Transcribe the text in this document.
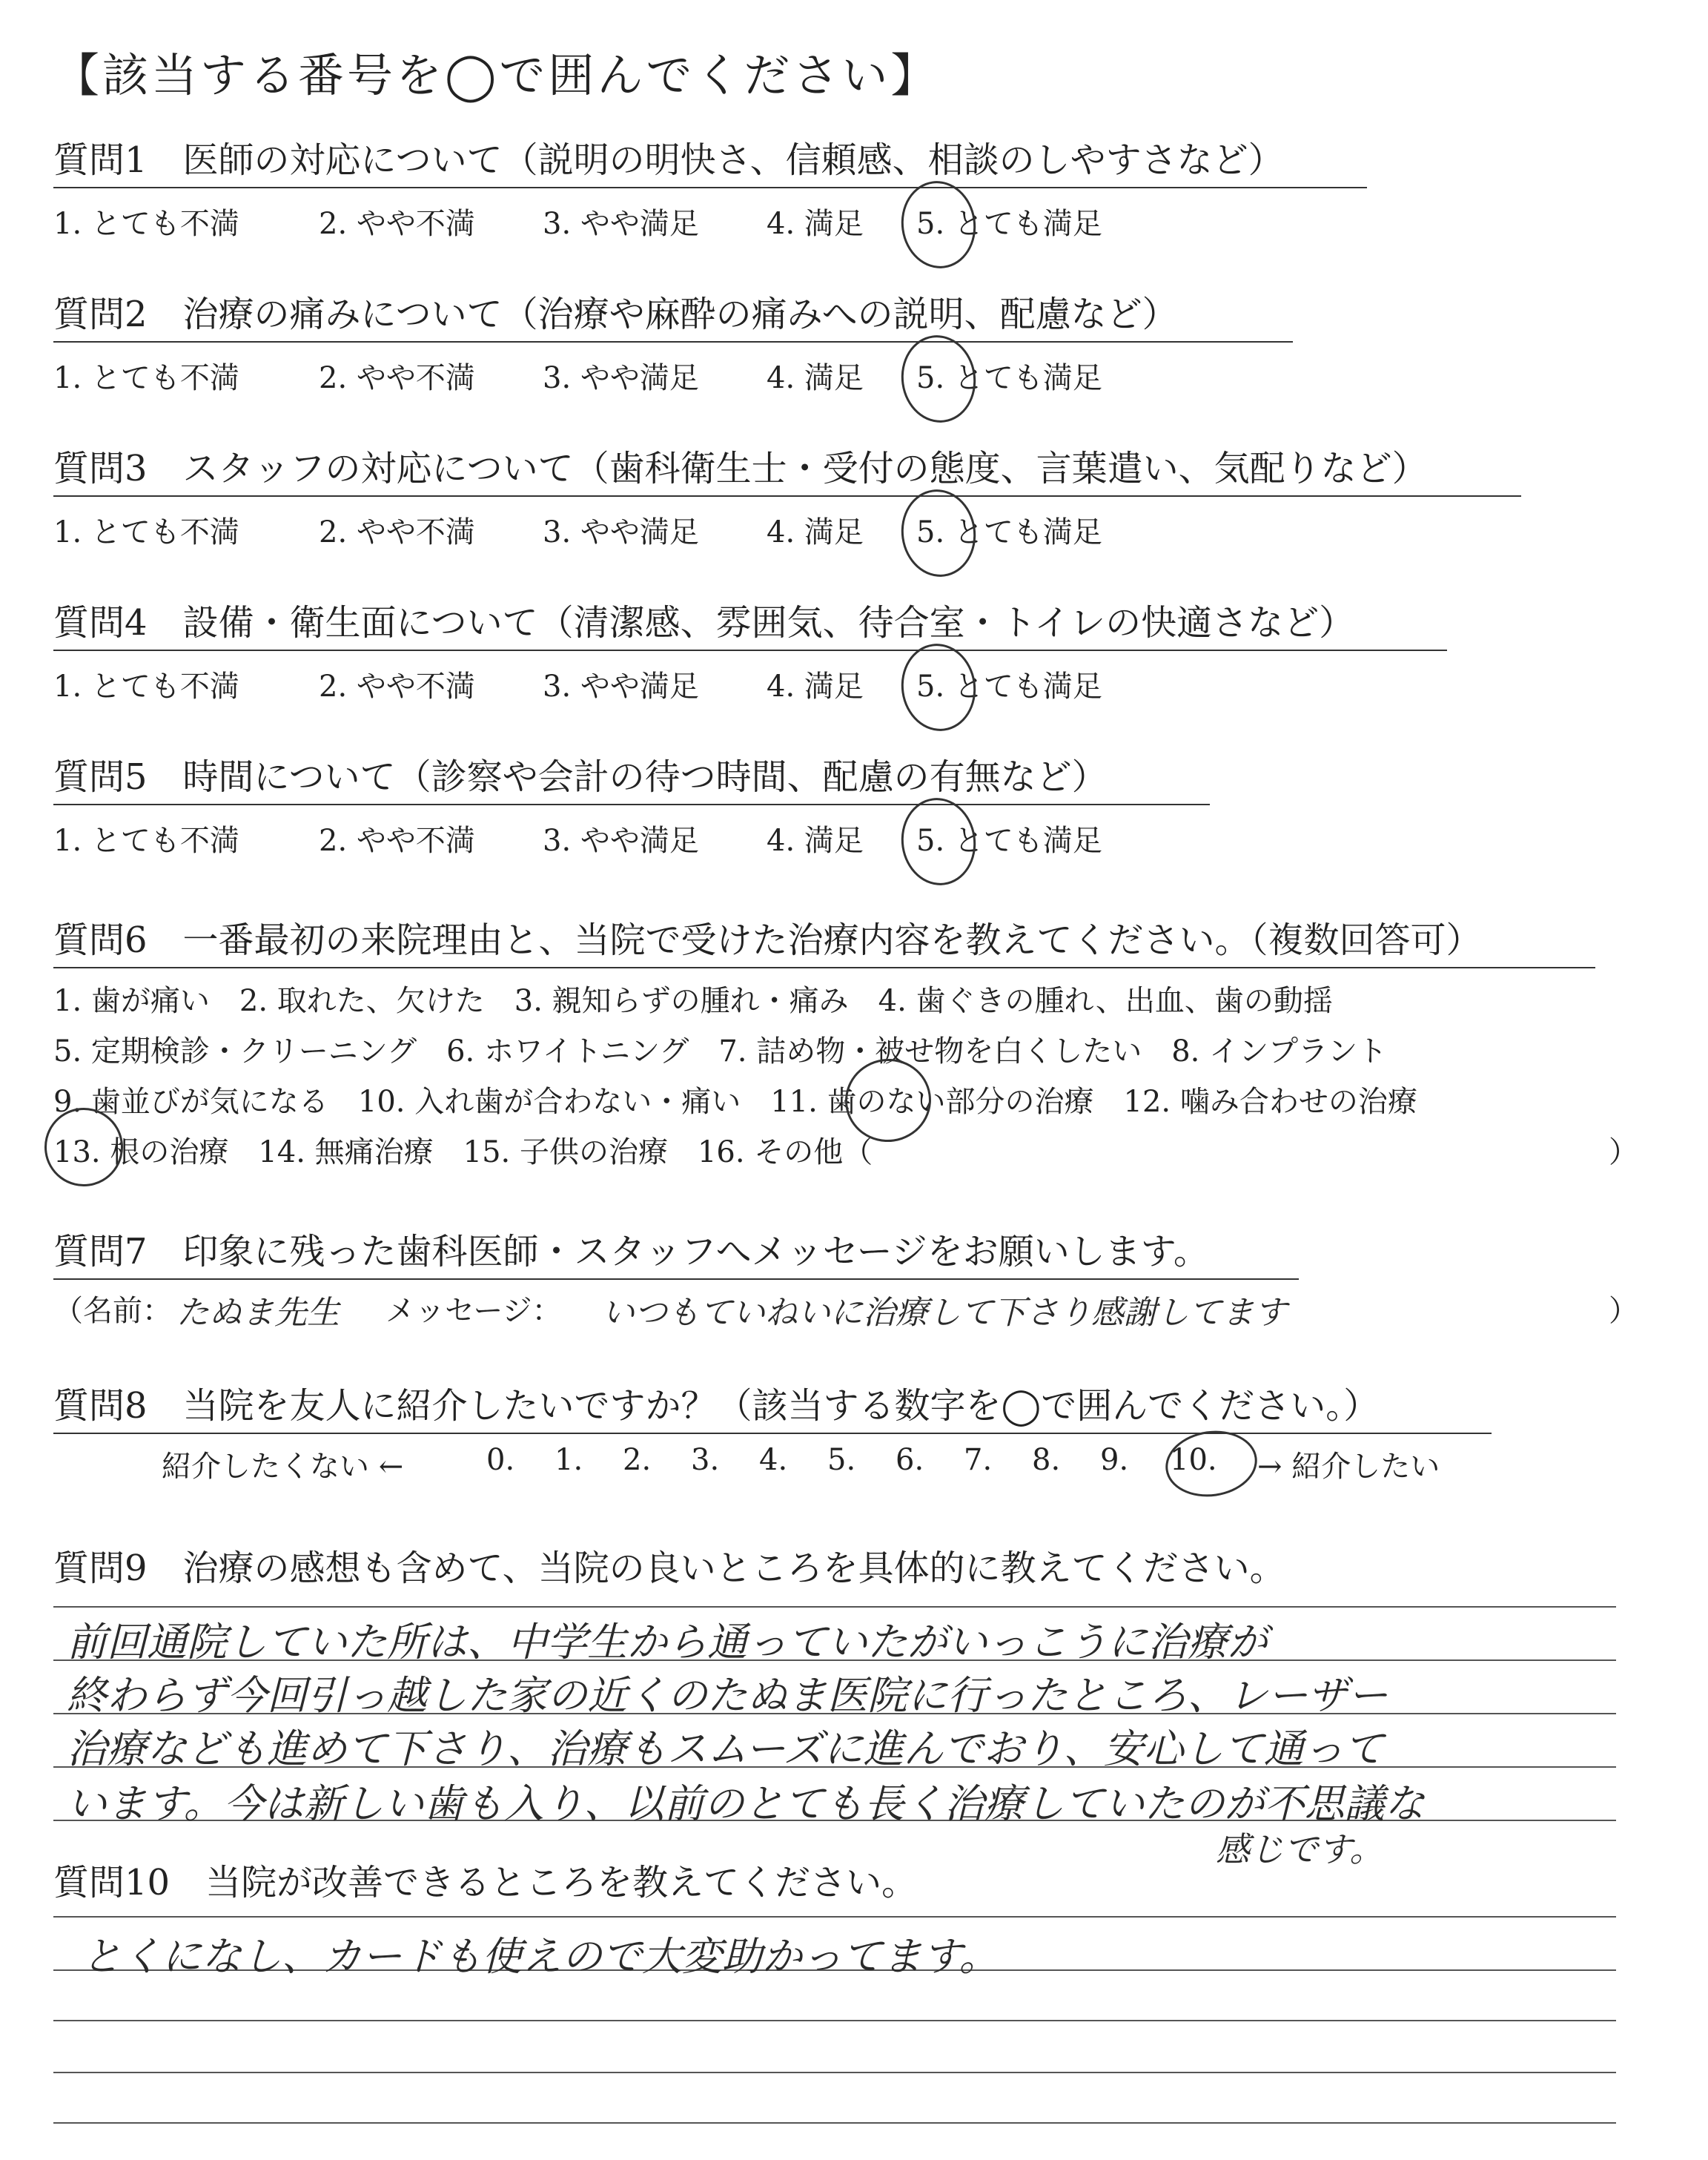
【該当する番号を◯で囲んでください】
質問1　医師の対応について（説明の明快さ、信頼感、相談のしやすさなど）
1. とても不満	2. やや不満 3. やや満足 4. 満足 5. とても満足
質問2　治療の痛みについて（治療や麻酔の痛みへの説明、配慮など）
1. とても不満	2. やや不満 3. やや満足 4. 満足 5. とても満足
質問3　スタッフの対応について（歯科衛生士・受付の態度、言葉遣い、気配りなど）
1. とても不満	2. やや不満 3. やや満足 4. 満足 5. とても満足
質問4　設備・衛生面について（清潔感、雰囲気、待合室・トイレの快適さなど）
1. とても不満	2. やや不満 3. やや満足 4. 満足 5. とても満足
質問5　時間について（診察や会計の待つ時間、配慮の有無など）
1. とても不満	2. やや不満 3. やや満足 4. 満足 5. とても満足
質問6　一番最初の来院理由と、当院で受けた治療内容を教えてください。（複数回答可）
1. 歯が痛い　2. 取れた、欠けた　3. 親知らずの腫れ・痛み　4. 歯ぐきの腫れ、出血、歯の動揺
5. 定期検診・クリーニング　6. ホワイトニング　7. 詰め物・被せ物を白くしたい　8. インプラント
9. 歯並びが気になる　10. 入れ歯が合わない・痛い　11. 歯のない部分の治療　12. 噛み合わせの治療
13. 根の治療　14. 無痛治療　15. 子供の治療　16. その他（	）
質問7　印象に残った歯科医師・スタッフへメッセージをお願いします。
（名前： たぬま先生 メッセージ： いつもていねいに治療して下さり感謝してます	）
質問8　当院を友人に紹介したいですか？（該当する数字を◯で囲んでください。）
紹介したくない ←	0. 1. 2. 3. 4. 5. 6. 7. 8. 9. 10. → 紹介したい
質問9　治療の感想も含めて、当院の良いところを具体的に教えてください。
前回通院していた所は、中学生から通っていたがいっこうに治療が
終わらず今回引っ越した家の近くのたぬま医院に行ったところ、レーザー
治療なども進めて下さり、治療もスムーズに進んでおり、安心して通って
います。今は新しい歯も入り、以前のとても長く治療していたのが不思議な
感じです。
質問10　当院が改善できるところを教えてください。
とくになし、カードも使えので大変助かってます。
